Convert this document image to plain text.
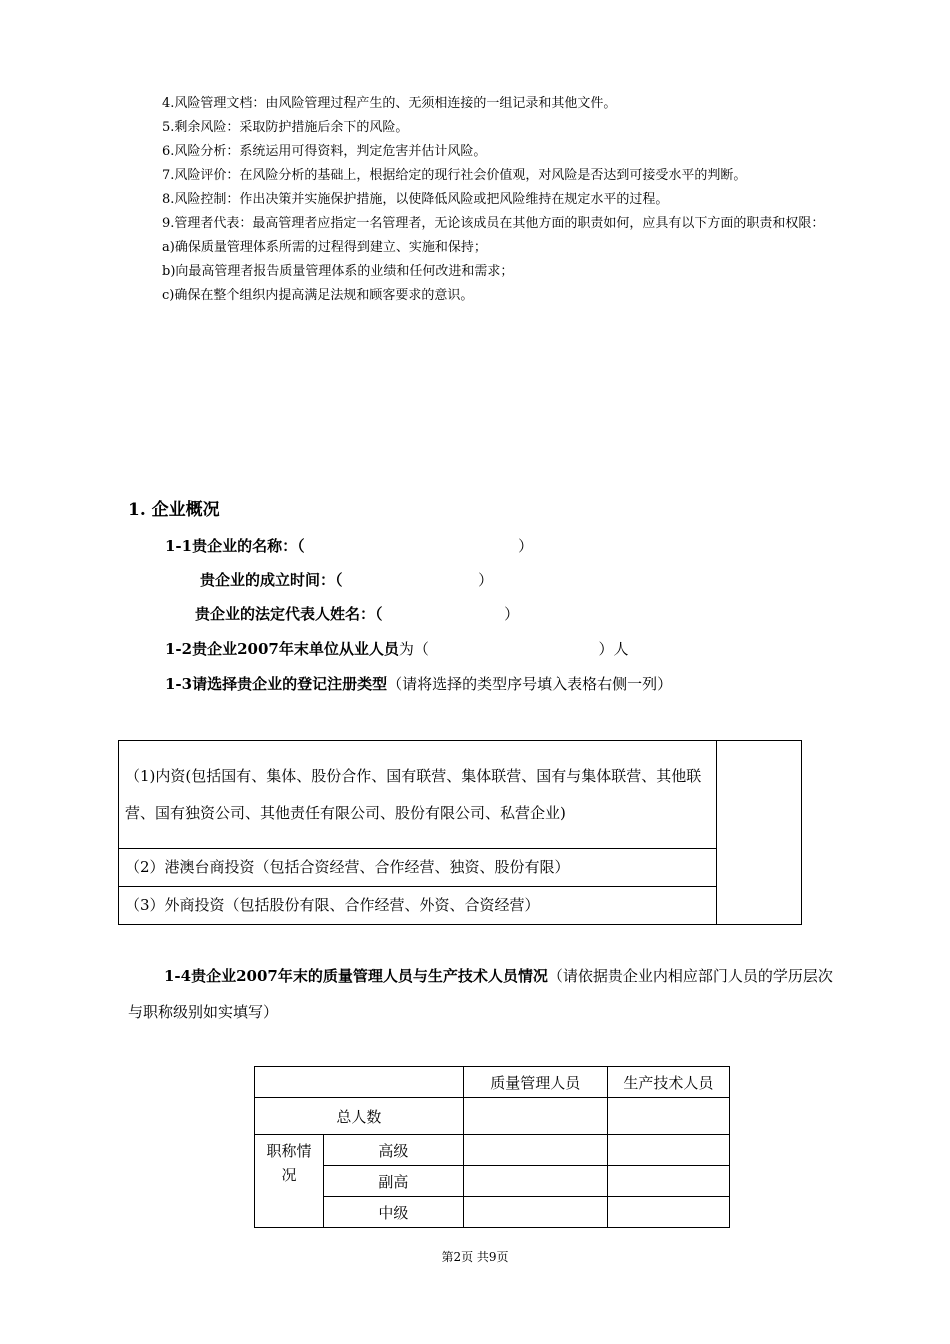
4.风险管理文档：由风险管理过程产生的、无须相连接的一组记录和其他文件。

5.剩余风险：采取防护措施后余下的风险。

6.风险分析：系统运用可得资料，判定危害并估计风险。

7.风险评价：在风险分析的基础上，根据给定的现行社会价值观，对风险是否达到可接受水平的判断。

8.风险控制：作出决策并实施保护措施，以使降低风险或把风险维持在规定水平的过程。

9.管理者代表：最高管理者应指定一名管理者，无论该成员在其他方面的职责如何，应具有以下方面的职责和权限：

a)确保质量管理体系所需的过程得到建立、实施和保持；

b)向最高管理者报告质量管理体系的业绩和任何改进和需求；

c)确保在整个组织内提高满足法规和顾客要求的意识。

1. 企业概况
1-1贵企业的名称：（	）
贵企业的成立时间：（	）
贵企业的法定代表人姓名：（	）
1-2贵企业2007年末单位从业人员为（	）人
1-3请选择贵企业的登记注册类型（请将选择的类型序号填入表格右侧一列）
（1)内资(包括国有、集体、股份合作、国有联营、集体联营、国有与集体联营、其他联营、国有独资公司、其他责任有限公司、股份有限公司、私营企业)	
（2）港澳台商投资（包括合资经营、合作经营、独资、股份有限）
（3）外商投资（包括股份有限、合作经营、外资、合资经营）
1-4贵企业2007年末的质量管理人员与生产技术人员情况（请依据贵企业内相应部门人员的学历层次与职称级别如实填写）
		质量管理人员	生产技术人员
总人数			
职称情况	高级		
	副高		
	中级		
第2页 共9页
